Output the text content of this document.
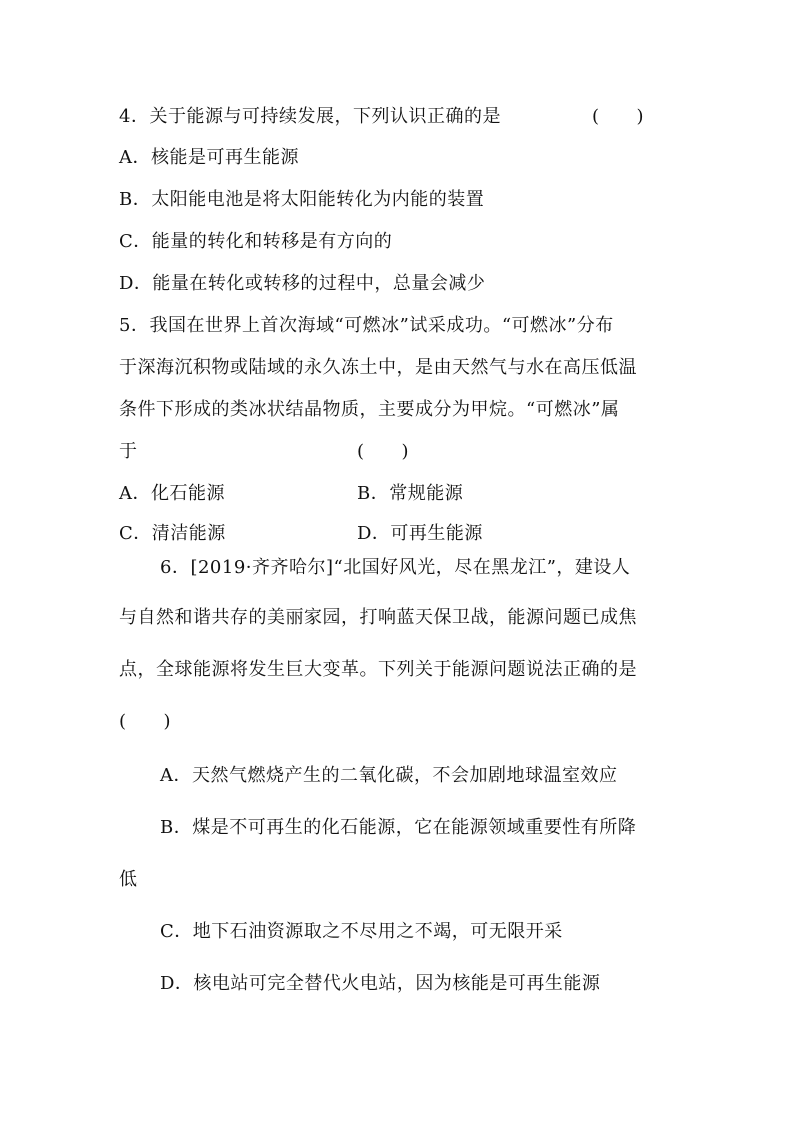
4．关于能源与可持续发展，下列认识正确的是	(　　)
A．核能是可再生能源
B．太阳能电池是将太阳能转化为内能的装置
C．能量的转化和转移是有方向的
D．能量在转化或转移的过程中，总量会减少
5．我国在世界上首次海域“可燃冰”试采成功。“可燃冰”分布
于深海沉积物或陆域的永久冻土中，是由天然气与水在高压低温
条件下形成的类冰状结晶物质，主要成分为甲烷。“可燃冰”属
于	(　　)
A．化石能源	B．常规能源
C．清洁能源	D．可再生能源
6．[2019·齐齐哈尔]“北国好风光，尽在黑龙江”，建设人
与自然和谐共存的美丽家园，打响蓝天保卫战，能源问题已成焦
点，全球能源将发生巨大变革。下列关于能源问题说法正确的是
(　　)
A．天然气燃烧产生的二氧化碳，不会加剧地球温室效应
B．煤是不可再生的化石能源，它在能源领域重要性有所降
低
C．地下石油资源取之不尽用之不竭，可无限开采
D．核电站可完全替代火电站，因为核能是可再生能源
